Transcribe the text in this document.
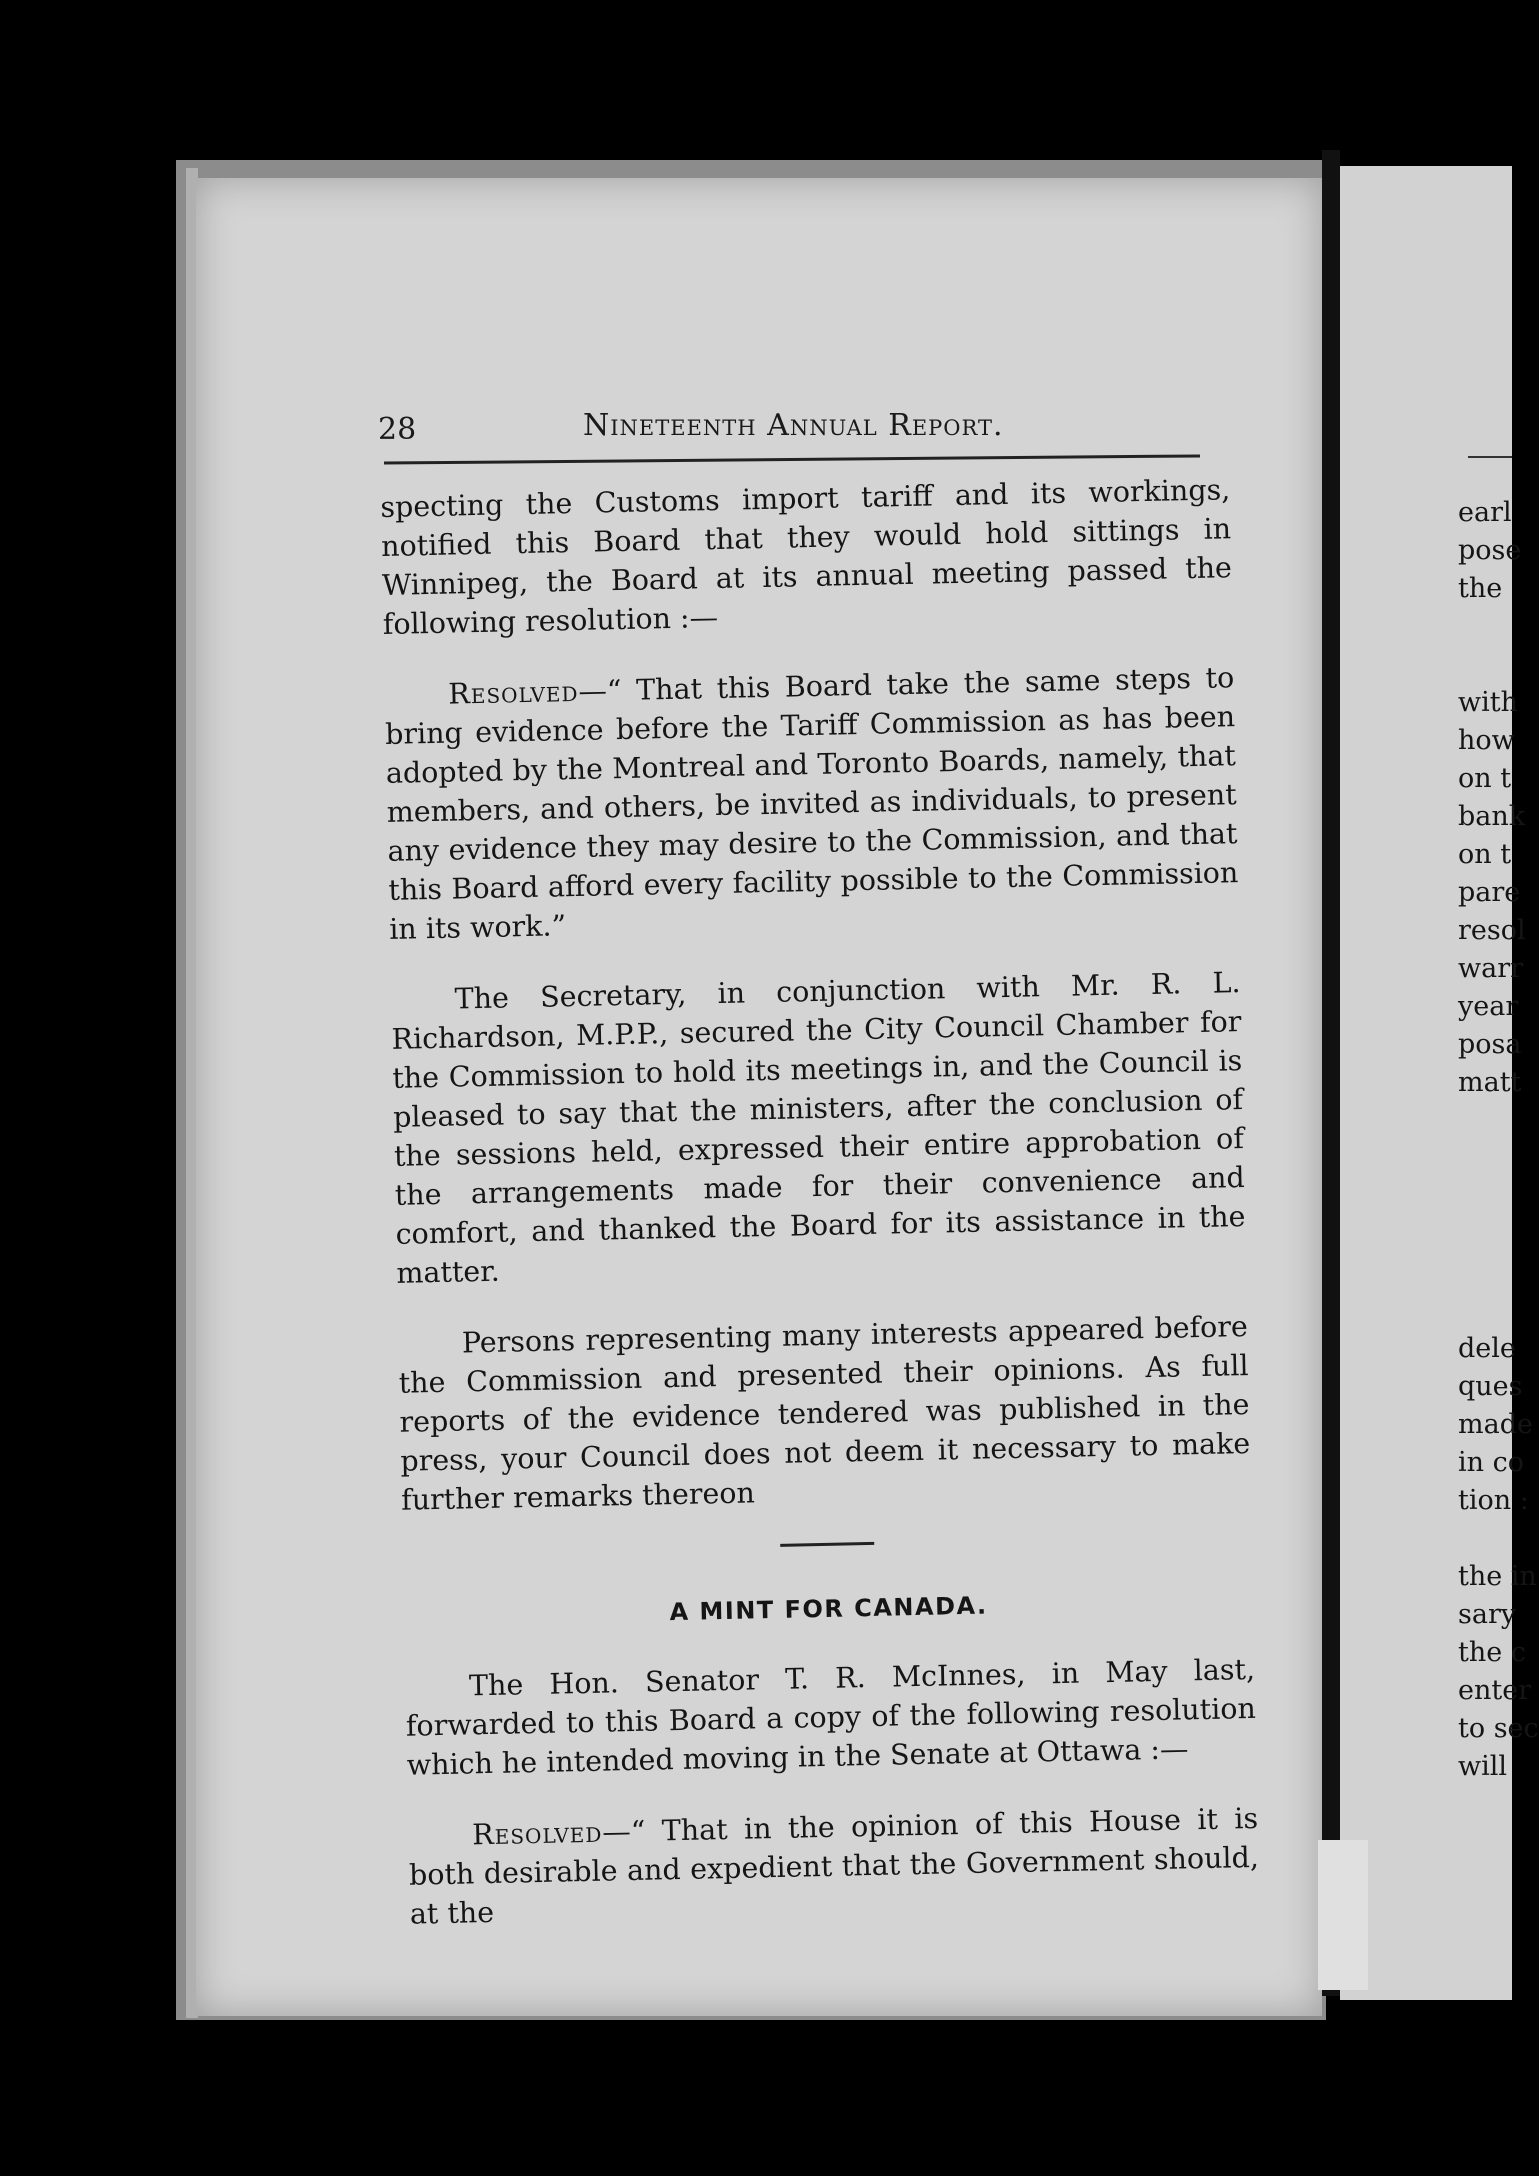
28	Nineteenth Annual Report.

specting the Customs import tariff and its workings, notified this Board that they would hold sittings in Winnipeg, the Board at its annual meeting passed the following resolution :—

Resolved—“ That this Board take the same steps to bring evidence before the Tariff Commission as has been adopted by the Montreal and Toronto Boards, namely, that members, and others, be invited as individuals, to present any evidence they may desire to the Commission, and that this Board afford every facility possible to the Commission in its work.”

The Secretary, in conjunction with Mr. R. L. Richardson, M.P.P., secured the City Council Chamber for the Commission to hold its meetings in, and the Council is pleased to say that the ministers, after the conclusion of the sessions held, expressed their entire approbation of the arrangements made for their convenience and comfort, and thanked the Board for its assistance in the matter.

Persons representing many interests appeared before the Commission and presented their opinions. As full reports of the evidence tendered was published in the press, your Council does not deem it necessary to make further remarks thereon

A MINT FOR CANADA.

The Hon. Senator T. R. McInnes, in May last, forwarded to this Board a copy of the following resolution which he intended moving in the Senate at Ottawa :—

Resolved—“ That in the opinion of this House it is both desirable and expedient that the Government should, at the

earl
pose
the
with
how
on t
bank
on t
pare
resol
warr
year
posa
matt
dele
ques
made
in co
tion :
the in
sary
the c
enter
to sec
will
